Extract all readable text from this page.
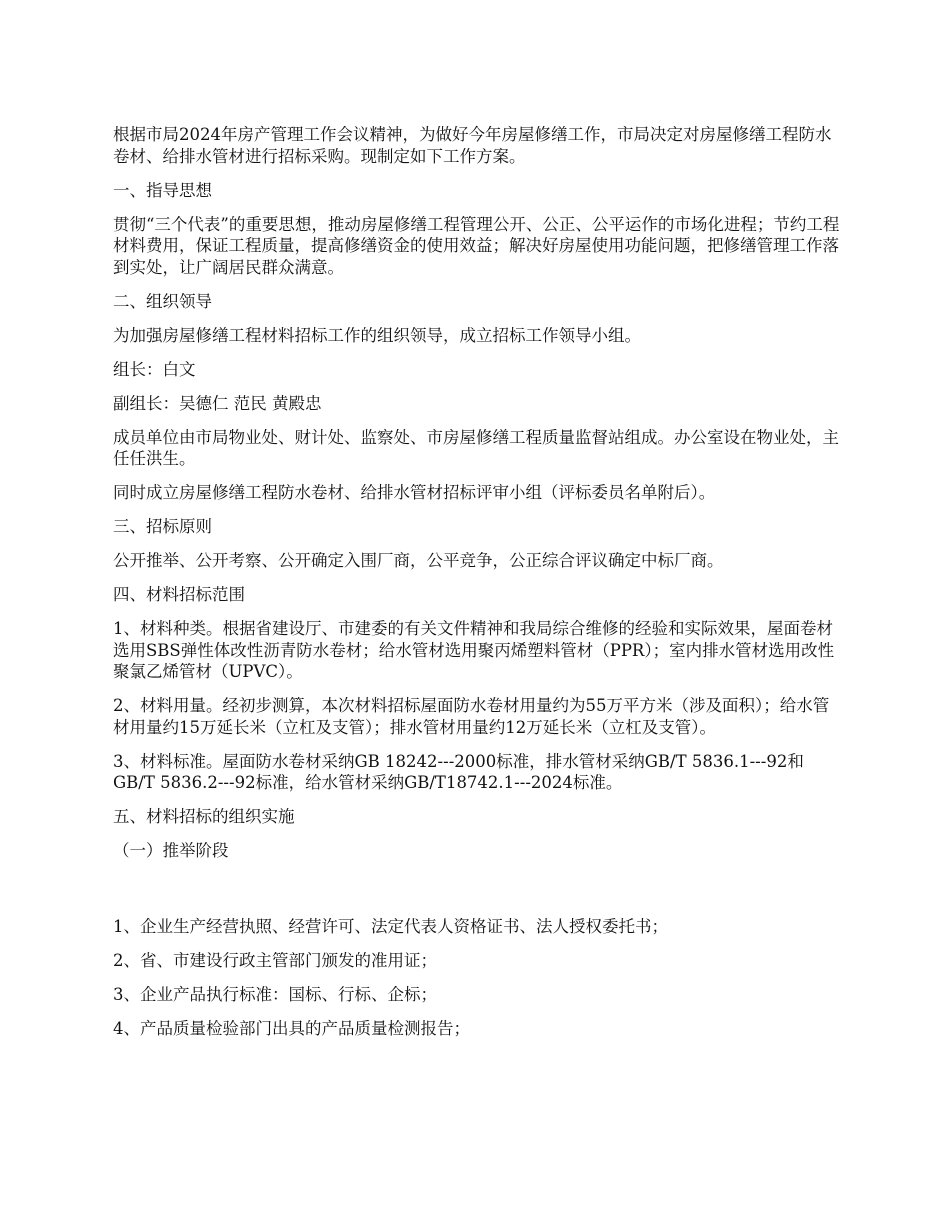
根据市局2024年房产管理工作会议精神，为做好今年房屋修缮工作，市局决定对房屋修缮工程防水卷材、给排水管材进行招标采购。现制定如下工作方案。

一、指导思想

贯彻“三个代表”的重要思想，推动房屋修缮工程管理公开、公正、公平运作的市场化进程；节约工程材料费用，保证工程质量，提高修缮资金的使用效益；解决好房屋使用功能问题，把修缮管理工作落到实处，让广阔居民群众满意。

二、组织领导

为加强房屋修缮工程材料招标工作的组织领导，成立招标工作领导小组。

组长：白文

副组长：吴德仁 范民 黄殿忠

成员单位由市局物业处、财计处、监察处、市房屋修缮工程质量监督站组成。办公室设在物业处，主任任洪生。

同时成立房屋修缮工程防水卷材、给排水管材招标评审小组（评标委员名单附后）。

三、招标原则

公开推举、公开考察、公开确定入围厂商，公平竞争，公正综合评议确定中标厂商。

四、材料招标范围

1、材料种类。根据省建设厅、市建委的有关文件精神和我局综合维修的经验和实际效果，屋面卷材选用SBS弹性体改性沥青防水卷材；给水管材选用聚丙烯塑料管材（PPR）；室内排水管材选用改性聚氯乙烯管材（UPVC）。

2、材料用量。经初步测算，本次材料招标屋面防水卷材用量约为55万平方米（涉及面积）；给水管材用量约15万延长米（立杠及支管）；排水管材用量约12万延长米（立杠及支管）。

3、材料标准。屋面防水卷材采纳GB 18242---2000标准，排水管材采纳GB/T 5836.1---92和GB/T 5836.2---92标准，给水管材采纳GB/T18742.1---2024标准。

五、材料招标的组织实施

（一）推举阶段

1、企业生产经营执照、经营许可、法定代表人资格证书、法人授权委托书；

2、省、市建设行政主管部门颁发的准用证；

3、企业产品执行标准：国标、行标、企标；

4、产品质量检验部门出具的产品质量检测报告；
